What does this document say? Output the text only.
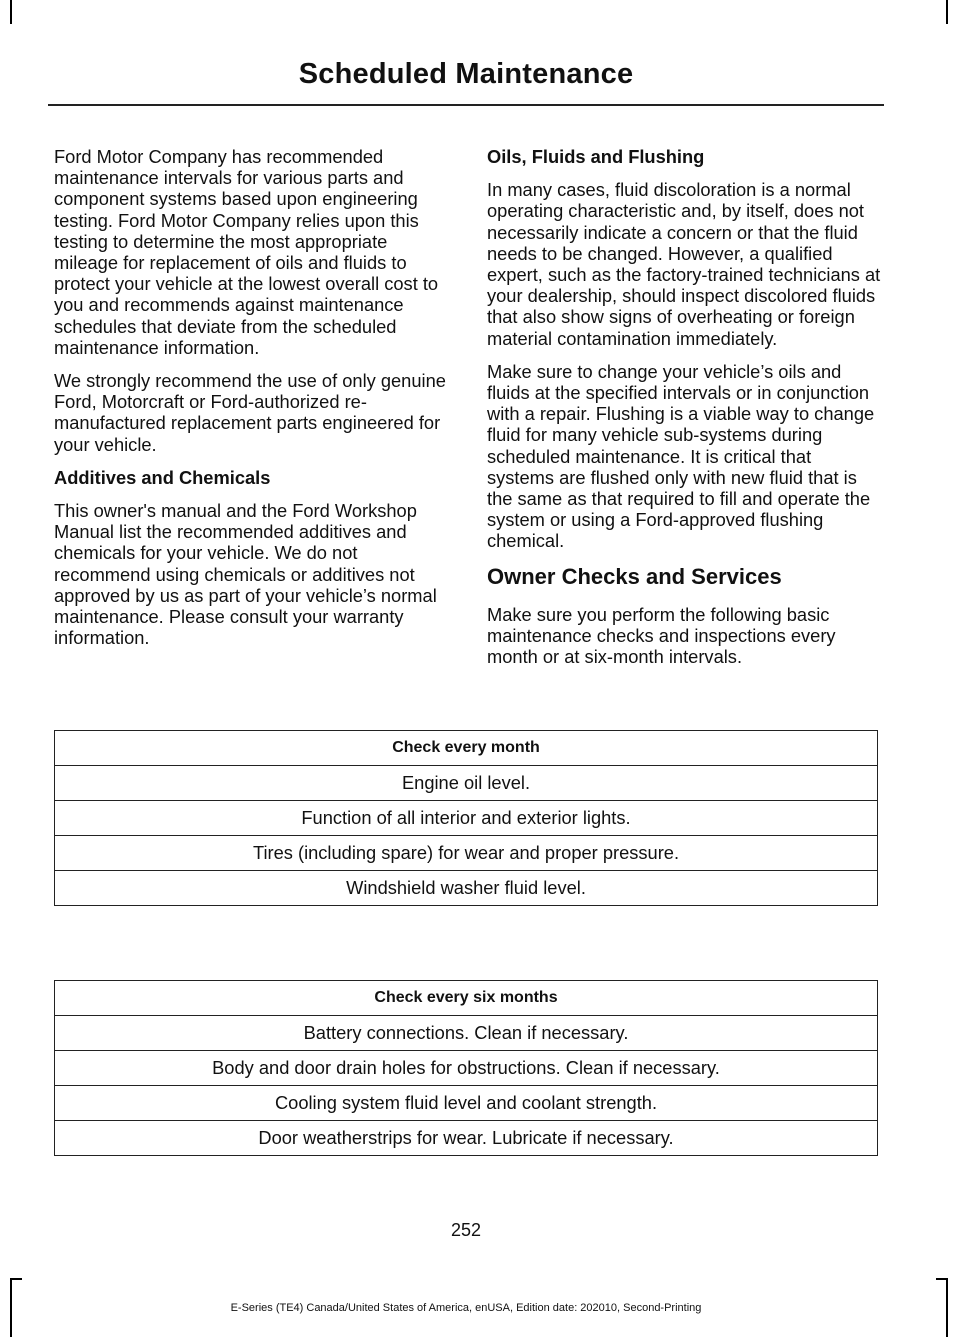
Scheduled Maintenance

Ford Motor Company has recommended maintenance intervals for various parts and component systems based upon engineering testing. Ford Motor Company relies upon this testing to determine the most appropriate mileage for replacement of oils and fluids to protect your vehicle at the lowest overall cost to you and recommends against maintenance schedules that deviate from the scheduled maintenance information.

We strongly recommend the use of only genuine Ford, Motorcraft or Ford-authorized re-manufactured replacement parts engineered for your vehicle.

Additives and Chemicals

This owner's manual and the Ford Workshop Manual list the recommended additives and chemicals for your vehicle. We do not recommend using chemicals or additives not approved by us as part of your vehicle’s normal maintenance. Please consult your warranty information.

Oils, Fluids and Flushing

In many cases, fluid discoloration is a normal operating characteristic and, by itself, does not necessarily indicate a concern or that the fluid needs to be changed. However, a qualified expert, such as the factory-trained technicians at your dealership, should inspect discolored fluids that also show signs of overheating or foreign material contamination immediately.

Make sure to change your vehicle’s oils and fluids at the specified intervals or in conjunction with a repair. Flushing is a viable way to change fluid for many vehicle sub-systems during scheduled maintenance. It is critical that systems are flushed only with new fluid that is the same as that required to fill and operate the system or using a Ford-approved flushing chemical.

Owner Checks and Services

Make sure you perform the following basic maintenance checks and inspections every month or at six-month intervals.

Check every month
Engine oil level.
Function of all interior and exterior lights.
Tires (including spare) for wear and proper pressure.
Windshield washer fluid level.
Check every six months
Battery connections. Clean if necessary.
Body and door drain holes for obstructions. Clean if necessary.
Cooling system fluid level and coolant strength.
Door weatherstrips for wear. Lubricate if necessary.
252
E-Series (TE4) Canada/United States of America, enUSA, Edition date: 202010, Second-Printing
